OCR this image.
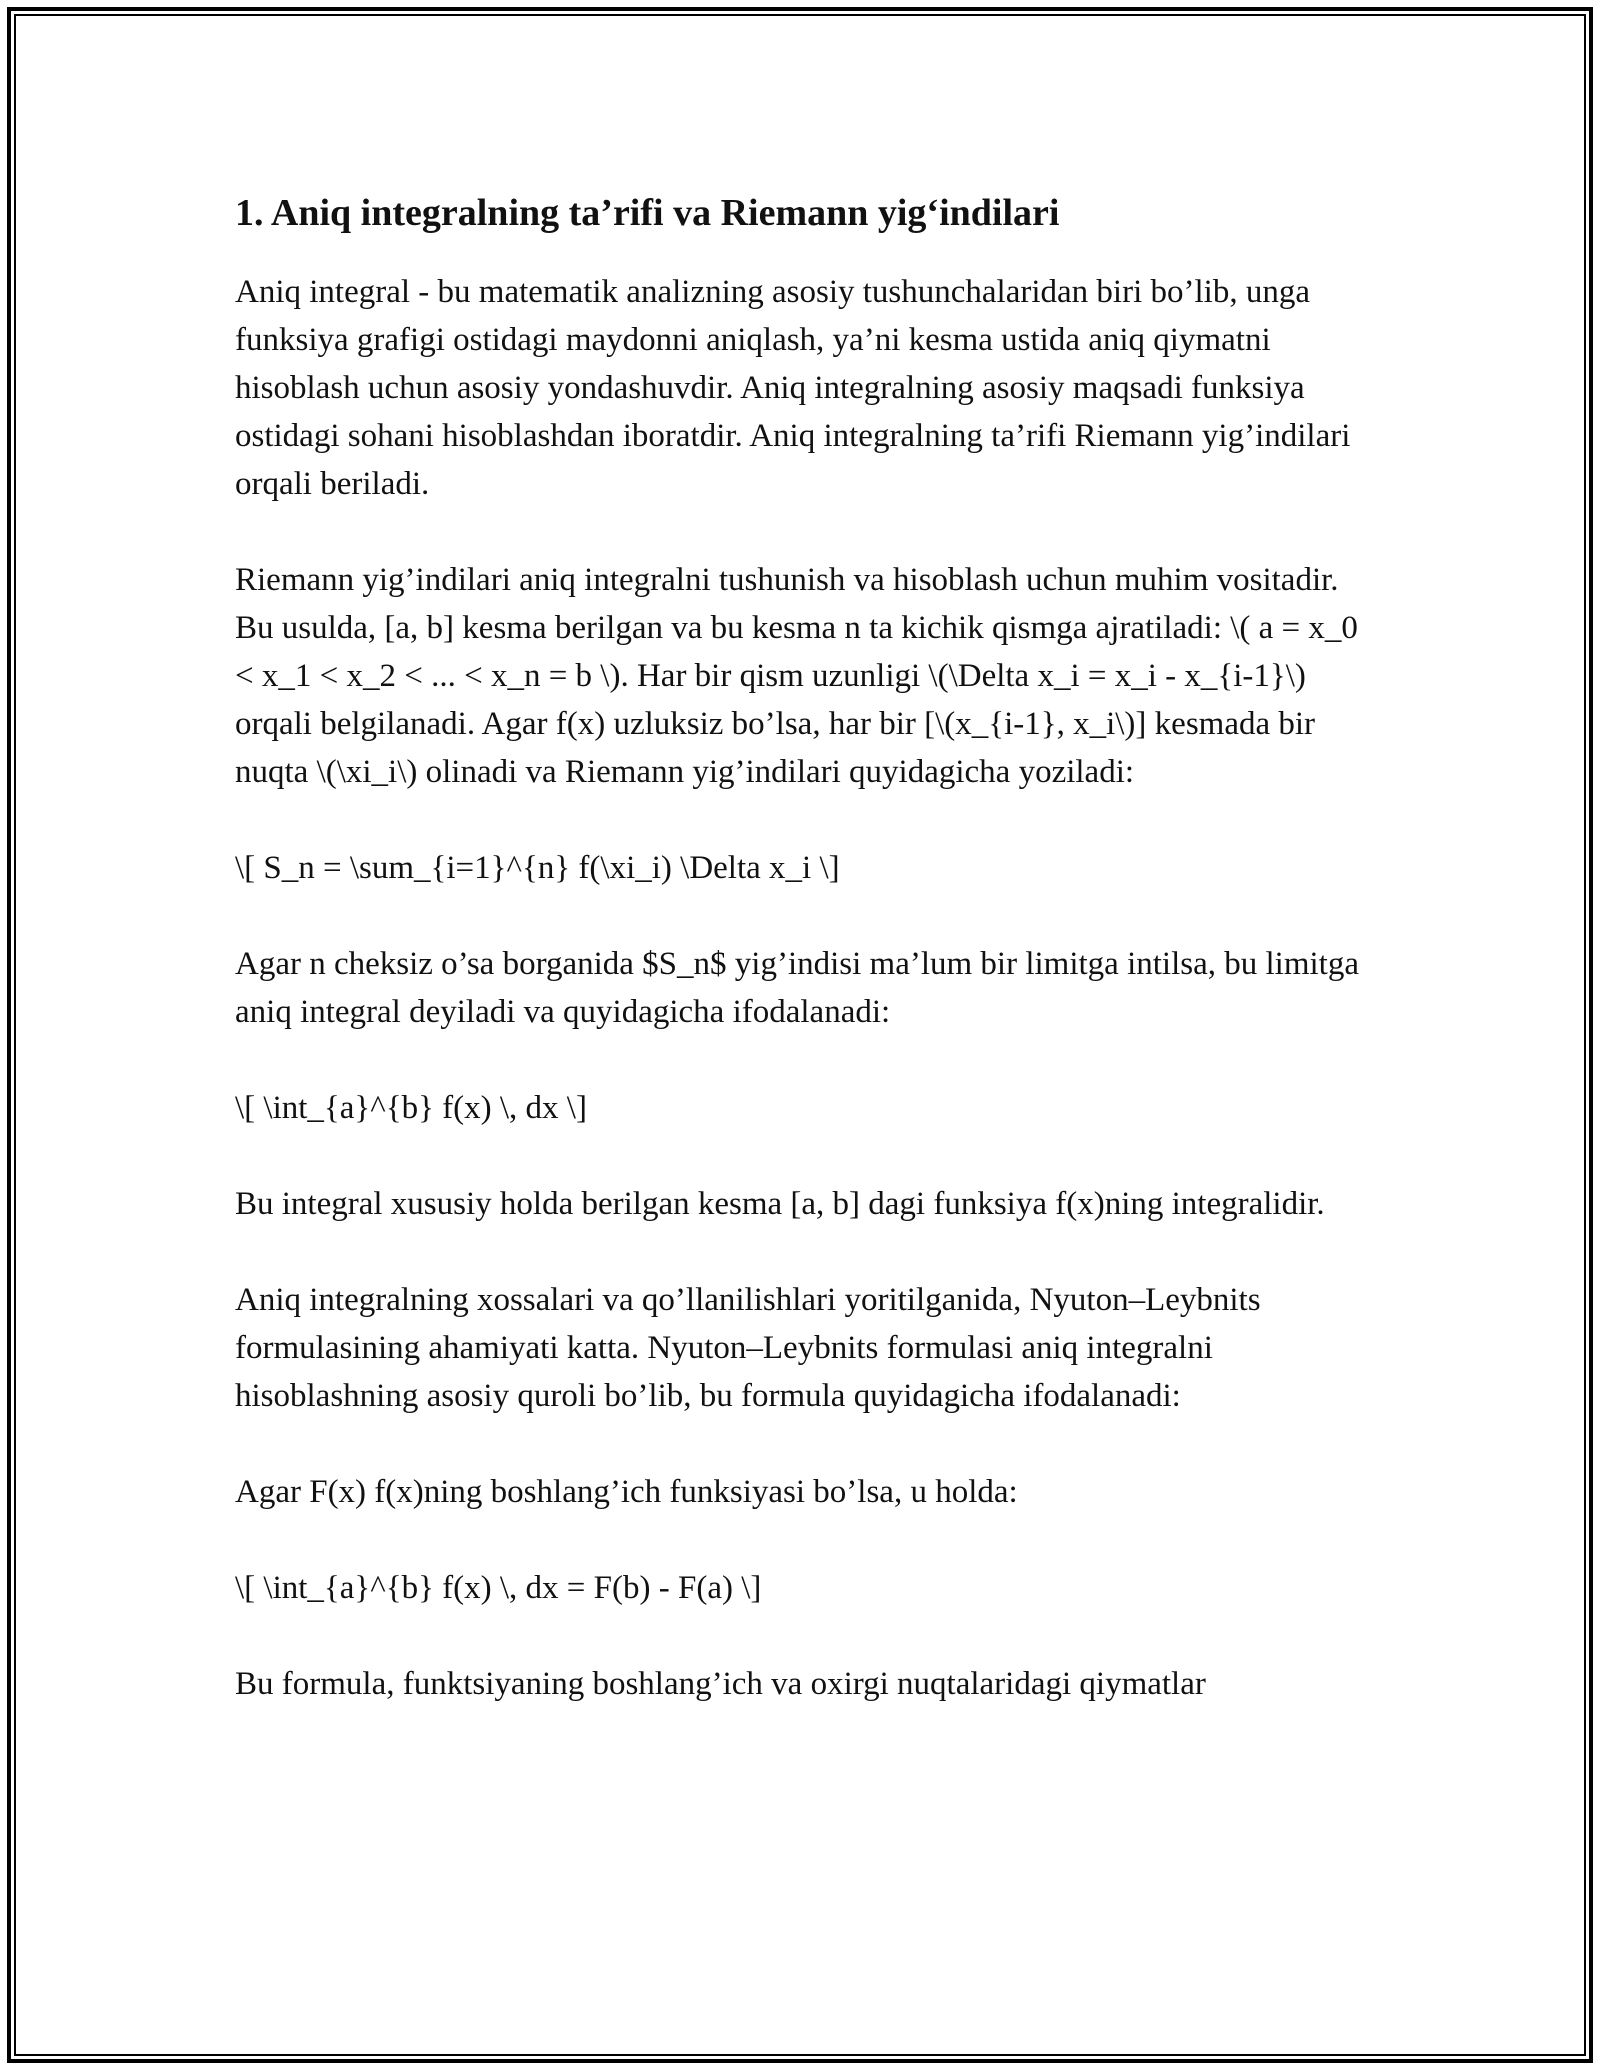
1. Aniq integralning ta’rifi va Riemann yig‘indilari

Aniq integral - bu matematik analizning asosiy tushunchalaridan biri bo’lib, unga funksiya grafigi ostidagi maydonni aniqlash, ya’ni kesma ustida aniq qiymatni hisoblash uchun asosiy yondashuvdir. Aniq integralning asosiy maqsadi funksiya ostidagi sohani hisoblashdan iboratdir. Aniq integralning ta’rifi Riemann yig’indilari orqali beriladi.

Riemann yig’indilari aniq integralni tushunish va hisoblash uchun muhim vositadir. Bu usulda, [a, b] kesma berilgan va bu kesma n ta kichik qismga ajratiladi: \( a = x_0 < x_1 < x_2 < ... < x_n = b \). Har bir qism uzunligi \(\Delta x_i = x_i - x_{i-1}\) orqali belgilanadi. Agar f(x) uzluksiz bo’lsa, har bir [\(x_{i-1}, x_i\)] kesmada bir nuqta \(\xi_i\) olinadi va Riemann yig’indilari quyidagicha yoziladi:

\[ S_n = \sum_{i=1}^{n} f(\xi_i) \Delta x_i \]

Agar n cheksiz o’sa borganida $S_n$ yig’indisi ma’lum bir limitga intilsa, bu limitga aniq integral deyiladi va quyidagicha ifodalanadi:

\[ \int_{a}^{b} f(x) \, dx \]

Bu integral xususiy holda berilgan kesma [a, b] dagi funksiya f(x)ning integralidir.

Aniq integralning xossalari va qo’llanilishlari yoritilganida, Nyuton–Leybnits formulasining ahamiyati katta. Nyuton–Leybnits formulasi aniq integralni hisoblashning asosiy quroli bo’lib, bu formula quyidagicha ifodalanadi:

Agar F(x) f(x)ning boshlang’ich funksiyasi bo’lsa, u holda:

\[ \int_{a}^{b} f(x) \, dx = F(b) - F(a) \]

Bu formula, funktsiyaning boshlang’ich va oxirgi nuqtalaridagi qiymatlar
